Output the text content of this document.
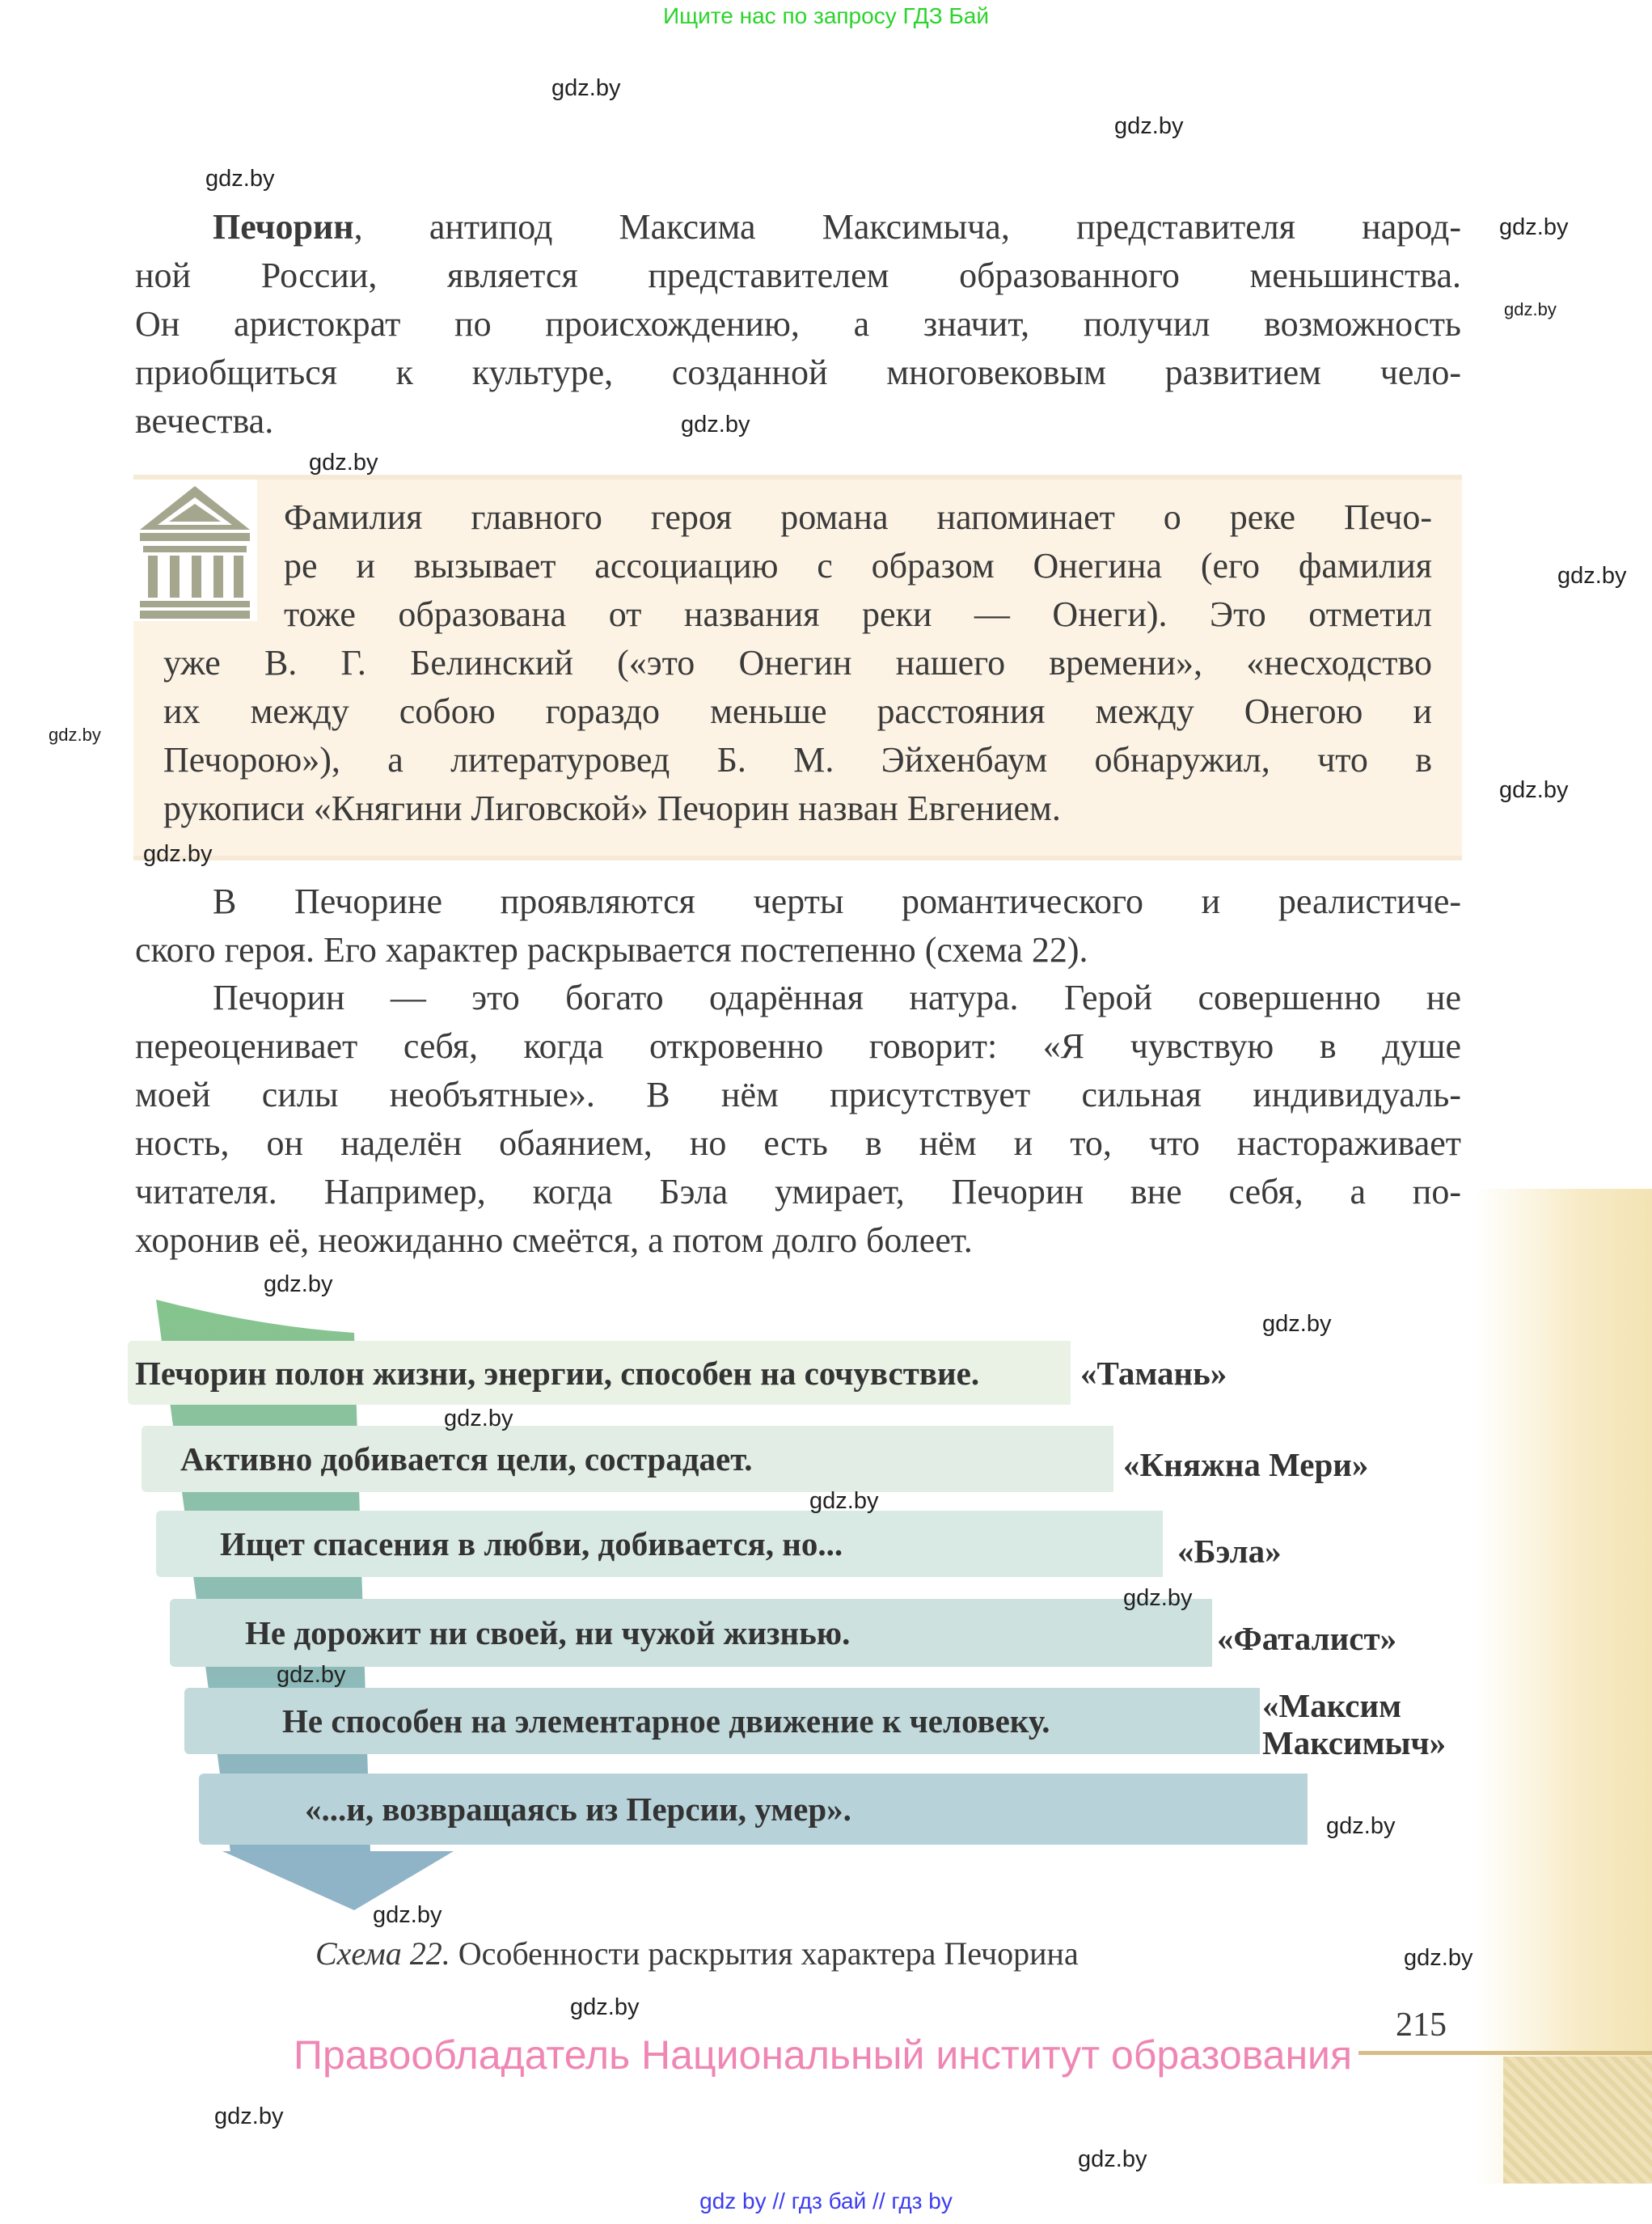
Ищите нас по запросу ГДЗ Бай
Печорин, антипод Максима Максимыча, представителя народ-
ной России, является представителем образованного меньшинства.
Он аристократ по происхождению, а значит, получил возможность
приобщиться к культуре, созданной многовековым развитием чело-
вечества.
Фамилия главного героя романа напоминает о реке Печо-
ре и вызывает ассоциацию с образом Онегина (его фамилия
тоже образована от названия реки — Онеги). Это отметил
уже В. Г. Белинский («это Онегин нашего времени», «несходство
их между собою гораздо меньше расстояния между Онегою и
Печорою»), а литературовед Б. М. Эйхенбаум обнаружил, что в
рукописи «Княгини Лиговской» Печорин назван Евгением.
В Печорине проявляются черты романтического и реалистиче-
ского героя. Его характер раскрывается постепенно (схема 22).
Печорин — это богато одарённая натура. Герой совершенно не
переоценивает себя, когда откровенно говорит: «Я чувствую в душе
моей силы необъятные». В нём присутствует сильная индивидуаль-
ность, он наделён обаянием, но есть в нём и то, что настораживает
читателя. Например, когда Бэла умирает, Печорин вне себя, а по-
хоронив её, неожиданно смеётся, а потом долго болеет.
Печорин полон жизни, энергии, способен на сочувствие.
Активно добивается цели, сострадает.
Ищет спасения в любви, добивается, но...
Не дорожит ни своей, ни чужой жизнью.
Не способен на элементарное движение к человеку.
«...и, возвращаясь из Персии, умер».
«Тамань»
«Княжна Мери»
«Бэла»
«Фаталист»
«Максим
Максимыч»
Схема 22. Особенности раскрытия характера Печорина
215
Правообладатель Национальный институт образования
gdz by // гдз бай // гдз by
gdz.by
gdz.by
gdz.by
gdz.by
gdz.by
gdz.by
gdz.by
gdz.by
gdz.by
gdz.by
gdz.by
gdz.by
gdz.by
gdz.by
gdz.by
gdz.by
gdz.by
gdz.by
gdz.by
gdz.by
gdz.by
gdz.by
gdz.by
